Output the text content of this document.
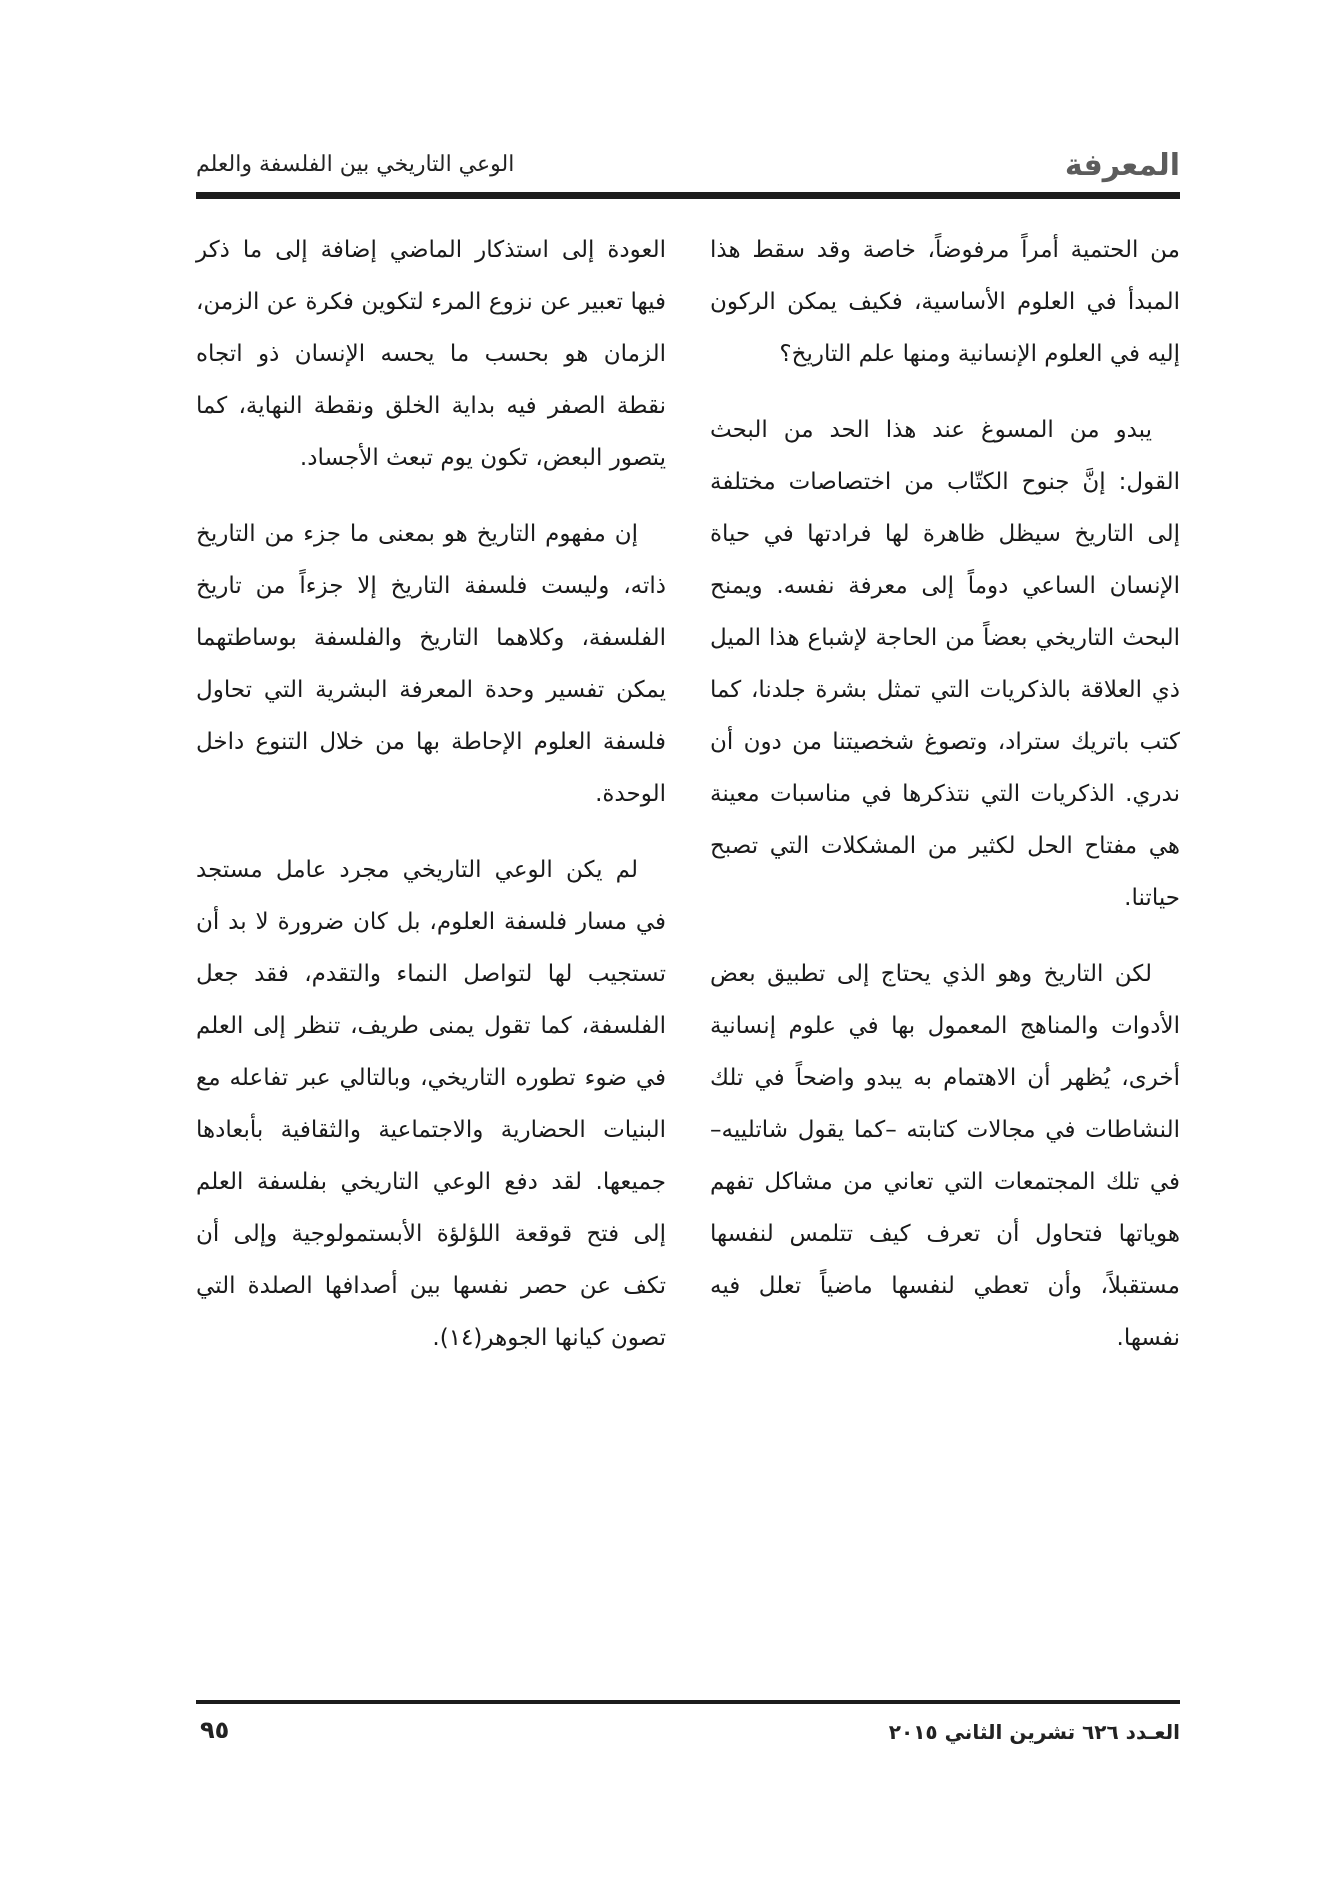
المعرفة
الوعي التاريخي بين الفلسفة والعلم

من الحتمية أمراً مرفوضاً، خاصة وقد سقط هذا المبدأ في العلوم الأساسية، فكيف يمكن الركون إليه في العلوم الإنسانية ومنها علم التاريخ؟

يبدو من المسوغ عند هذا الحد من البحث القول: إنَّ جنوح الكتّاب من اختصاصات مختلفة إلى التاريخ سيظل ظاهرة لها فرادتها في حياة الإنسان الساعي دوماً إلى معرفة نفسه. ويمنح البحث التاريخي بعضاً من الحاجة لإشباع هذا الميل ذي العلاقة بالذكريات التي تمثل بشرة جلدنا، كما كتب باتريك ستراد، وتصوغ شخصيتنا من دون أن ندري. الذكريات التي نتذكرها في مناسبات معينة هي مفتاح الحل لكثير من المشكلات التي تصبح حياتنا.

لكن التاريخ وهو الذي يحتاج إلى تطبيق بعض الأدوات والمناهج المعمول بها في علوم إنسانية أخرى، يُظهر أن الاهتمام به يبدو واضحاً في تلك النشاطات في مجالات كتابته –كما يقول شاتلييه– في تلك المجتمعات التي تعاني من مشاكل تفهم هوياتها فتحاول أن تعرف كيف تتلمس لنفسها مستقبلاً، وأن تعطي لنفسها ماضياً تعلل فيه نفسها.

العودة إلى استذكار الماضي إضافة إلى ما ذكر فيها تعبير عن نزوع المرء لتكوين فكرة عن الزمن، الزمان هو بحسب ما يحسه الإنسان ذو اتجاه نقطة الصفر فيه بداية الخلق ونقطة النهاية، كما يتصور البعض، تكون يوم تبعث الأجساد.

إن مفهوم التاريخ هو بمعنى ما جزء من التاريخ ذاته، وليست فلسفة التاريخ إلا جزءاً من تاريخ الفلسفة، وكلاهما التاريخ والفلسفة بوساطتهما يمكن تفسير وحدة المعرفة البشرية التي تحاول فلسفة العلوم الإحاطة بها من خلال التنوع داخل الوحدة.

لم يكن الوعي التاريخي مجرد عامل مستجد في مسار فلسفة العلوم، بل كان ضرورة لا بد أن تستجيب لها لتواصل النماء والتقدم، فقد جعل الفلسفة، كما تقول يمنى طريف، تنظر إلى العلم في ضوء تطوره التاريخي، وبالتالي عبر تفاعله مع البنيات الحضارية والاجتماعية والثقافية بأبعادها جميعها. لقد دفع الوعي التاريخي بفلسفة العلم إلى فتح قوقعة اللؤلؤة الأبستمولوجية وإلى أن تكف عن حصر نفسها بين أصدافها الصلدة التي تصون كيانها الجوهر(١٤).

العـدد ٦٢٦ تشرين الثاني ٢٠١٥
٩٥
